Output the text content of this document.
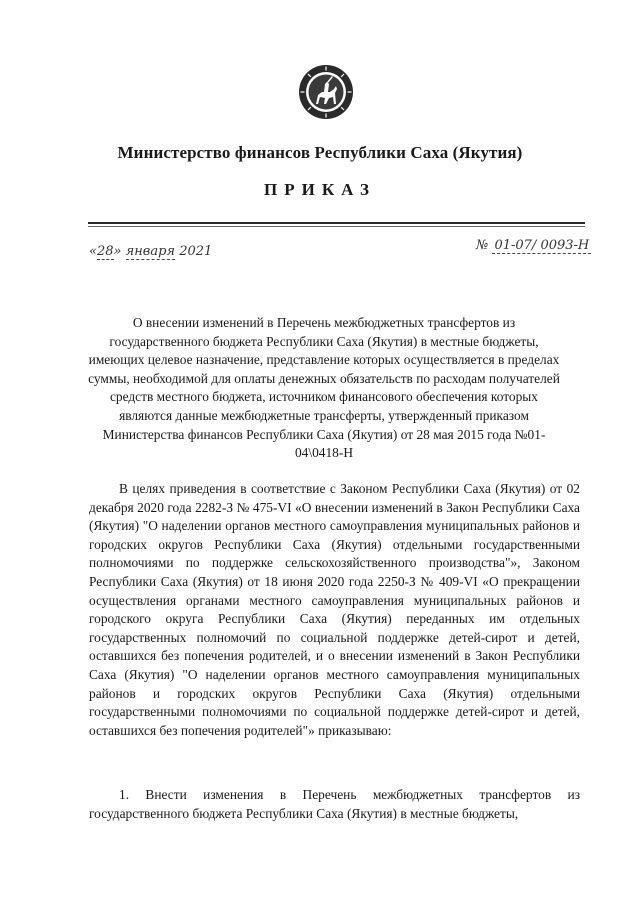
Министерство финансов Республики Саха (Якутия)
ПРИКАЗ
«28» января 2021	№ 01-07/ 0093-Н
О внесении изменений в Перечень межбюджетных трансфертов из государственного бюджета Республики Саха (Якутия) в местные бюджеты, имеющих целевое назначение, представление которых осуществляется в пределах суммы, необходимой для оплаты денежных обязательств по расходам получателей средств местного бюджета, источником финансового обеспечения которых являются данные межбюджетные трансферты, утвержденный приказом Министерства финансов Республики Саха (Якутия) от 28 мая 2015 года №01-04\0418-Н

В целях приведения в соответствие с Законом Республики Саха (Якутия) от 02 декабря 2020 года 2282-З № 475-VI «О внесении изменений в Закон Республики Саха (Якутия) "О наделении органов местного самоуправления муниципальных районов и городских округов Республики Саха (Якутия) отдельными государственными полномочиями по поддержке сельскохозяйственного производства"», Законом Республики Саха (Якутия) от 18 июня 2020 года 2250-З № 409-VI «О прекращении осуществления органами местного самоуправления муниципальных районов и городского округа Республики Саха (Якутия) переданных им отдельных государственных полномочий по социальной поддержке детей-сирот и детей, оставшихся без попечения родителей, и о внесении изменений в Закон Республики Саха (Якутия) "О наделении органов местного самоуправления муниципальных районов и городских округов Республики Саха (Якутия) отдельными государственными полномочиями по социальной поддержке детей-сирот и детей, оставшихся без попечения родителей"» приказываю:

1. Внести изменения в Перечень межбюджетных трансфертов из государственного бюджета Республики Саха (Якутия) в местные бюджеты,
